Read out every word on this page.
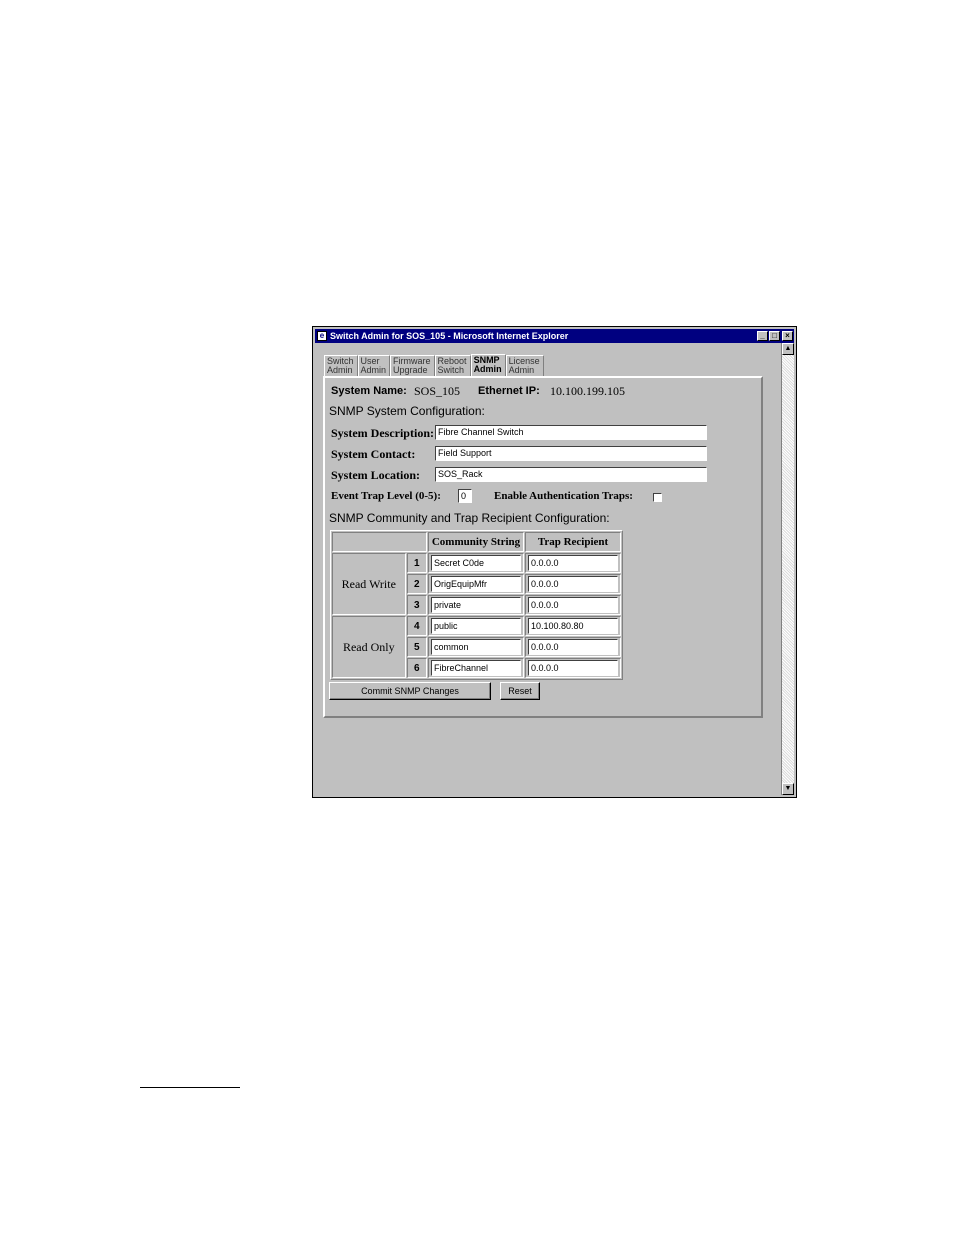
e Switch Admin for SOS_105 - Microsoft Internet Explorer	_ □	×
Switch
Admin
User
Admin
Firmware
Upgrade
Reboot
Switch
SNMP
Admin
License
Admin
System Name: SOS_105 Ethernet IP: 10.100.199.105
SNMP System Configuration:
System Description: Fibre Channel Switch
System Contact:	Field Support
System Location:	SOS_Rack
Event Trap Level (0-5):	0	Enable Authentication Traps:
SNMP Community and Trap Recipient Configuration:
		Community String	Trap Recipient
Read Write	1	Secret C0de	0.0.0.0

	2	OrigEquipMfr	0.0.0.0

	3	private	0.0.0.0

Read Only	4	public	10.100.80.80

	5	common	0.0.0.0

	6	FibreChannel	0.0.0.0
Commit SNMP Changes	Reset
▲
▼
